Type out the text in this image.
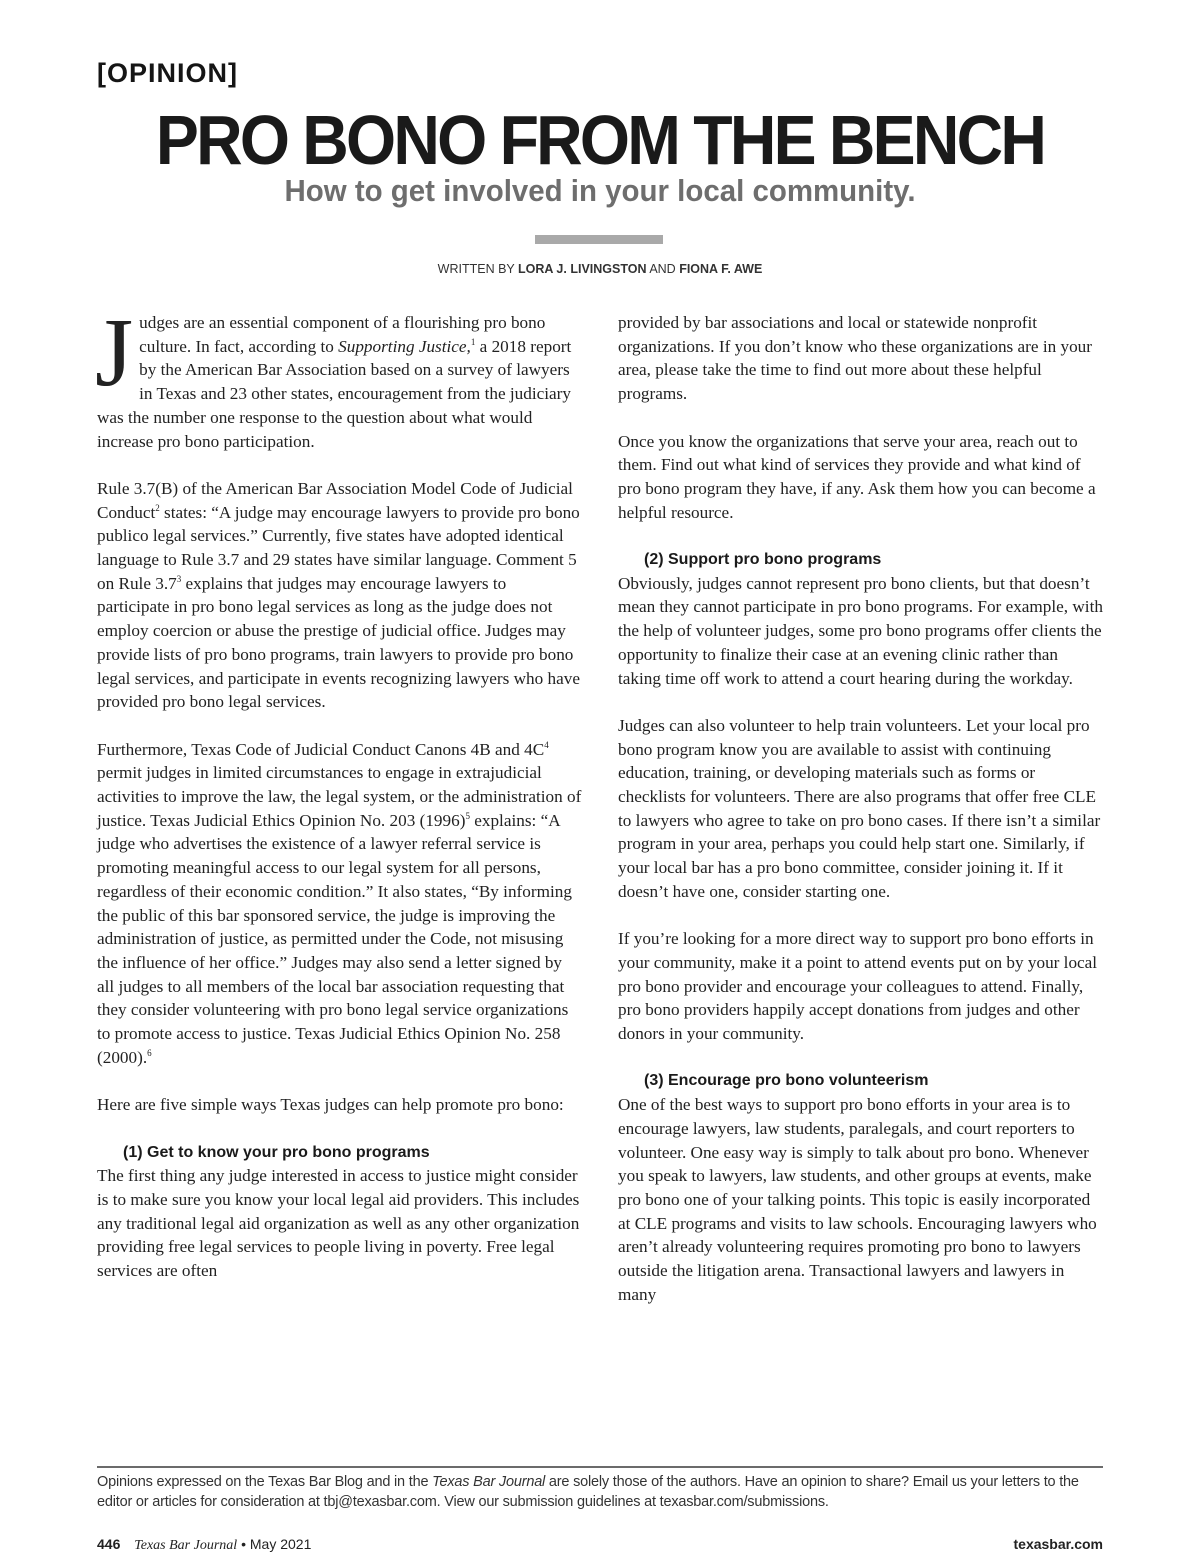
[OPINION]
PRO BONO FROM THE BENCH
How to get involved in your local community.
WRITTEN BY LORA J. LIVINGSTON AND FIONA F. AWE

Judges are an essential component of a flourishing pro bono culture. In fact, according to Supporting Justice,$^1$ a 2018 report by the American Bar Association based on a survey of lawyers in Texas and 23 other states, encouragement from the judiciary was the number one response to the question about what would increase pro bono participation.

Rule 3.7(B) of the American Bar Association Model Code of Judicial Conduct$^2$ states: “A judge may encourage lawyers to provide pro bono publico legal services.” Currently, five states have adopted identical language to Rule 3.7 and 29 states have similar language. Comment 5 on Rule $3.7^3$ explains that judges may encourage lawyers to participate in pro bono legal services as long as the judge does not employ coercion or abuse the prestige of judicial office. Judges may provide lists of pro bono programs, train lawyers to provide pro bono legal services, and participate in events recognizing lawyers who have provided pro bono legal services.

Furthermore, Texas Code of Judicial Conduct Canons 4B and $4C^4$ permit judges in limited circumstances to engage in extrajudicial activities to improve the law, the legal system, or the administration of justice. Texas Judicial Ethics Opinion No. 203 $(1996)^5$ explains: “A judge who advertises the existence of a lawyer referral service is promoting meaningful access to our legal system for all persons, regardless of their economic condition.” It also states, “By informing the public of this bar sponsored service, the judge is improving the administration of justice, as permitted under the Code, not misusing the influence of her office.” Judges may also send a letter signed by all judges to all members of the local bar association requesting that they consider volunteering with pro bono legal service organizations to promote access to justice. Texas Judicial Ethics Opinion No. 258 (2000).$^6$

Here are five simple ways Texas judges can help promote pro bono:

(1) Get to know your pro bono programs

The first thing any judge interested in access to justice might consider is to make sure you know your local legal aid providers. This includes any traditional legal aid organization as well as any other organization providing free legal services to people living in poverty. Free legal services are often

provided by bar associations and local or statewide nonprofit organizations. If you don’t know who these organizations are in your area, please take the time to find out more about these helpful programs.

Once you know the organizations that serve your area, reach out to them. Find out what kind of services they provide and what kind of pro bono program they have, if any. Ask them how you can become a helpful resource.

(2) Support pro bono programs

Obviously, judges cannot represent pro bono clients, but that doesn’t mean they cannot participate in pro bono programs. For example, with the help of volunteer judges, some pro bono programs offer clients the opportunity to finalize their case at an evening clinic rather than taking time off work to attend a court hearing during the workday.

Judges can also volunteer to help train volunteers. Let your local pro bono program know you are available to assist with continuing education, training, or developing materials such as forms or checklists for volunteers. There are also programs that offer free CLE to lawyers who agree to take on pro bono cases. If there isn’t a similar program in your area, perhaps you could help start one. Similarly, if your local bar has a pro bono committee, consider joining it. If it doesn’t have one, consider starting one.

If you’re looking for a more direct way to support pro bono efforts in your community, make it a point to attend events put on by your local pro bono provider and encourage your colleagues to attend. Finally, pro bono providers happily accept donations from judges and other donors in your community.

(3) Encourage pro bono volunteerism

One of the best ways to support pro bono efforts in your area is to encourage lawyers, law students, paralegals, and court reporters to volunteer. One easy way is simply to talk about pro bono. Whenever you speak to lawyers, law students, and other groups at events, make pro bono one of your talking points. This topic is easily incorporated at CLE programs and visits to law schools. Encouraging lawyers who aren’t already volunteering requires promoting pro bono to lawyers outside the litigation arena. Transactional lawyers and lawyers in many

Opinions expressed on the Texas Bar Blog and in the Texas Bar Journal are solely those of the authors. Have an opinion to share? Email us your letters to the editor or articles for consideration at tbj@texasbar.com. View our submission guidelines at texasbar.com/submissions.
446 Texas Bar Journal • May 2021	texasbar.com
